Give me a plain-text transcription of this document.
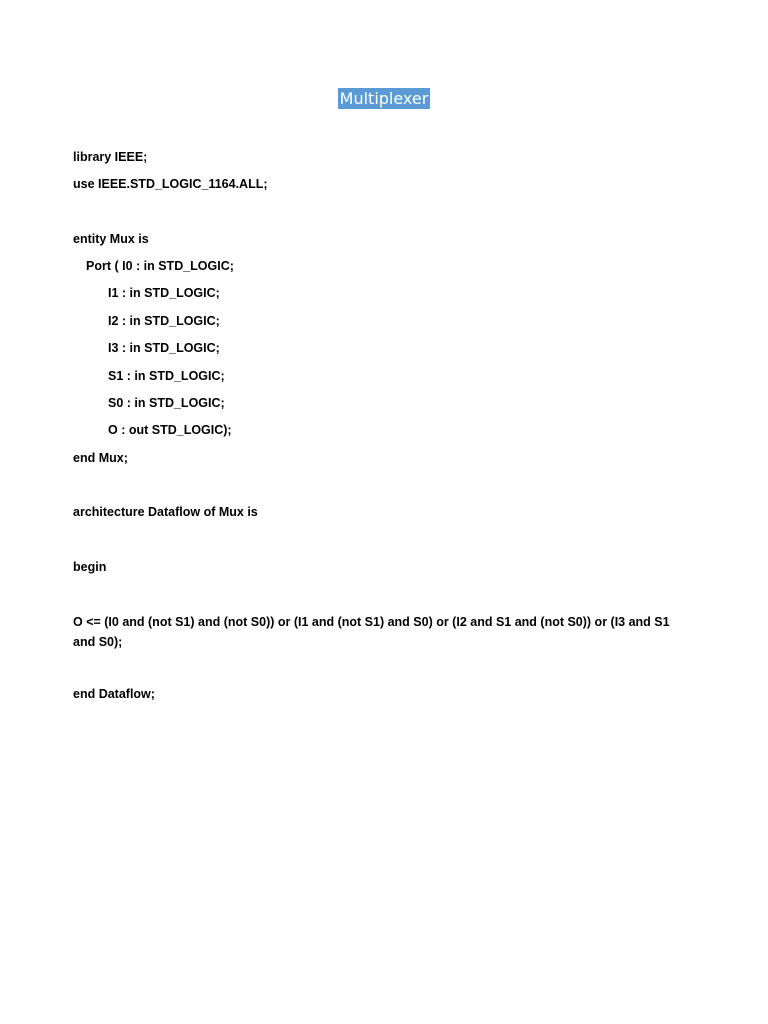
Multiplexer
library IEEE;
use IEEE.STD_LOGIC_1164.ALL;
entity Mux is
Port ( I0 : in STD_LOGIC;
I1 : in STD_LOGIC;
I2 : in STD_LOGIC;
I3 : in STD_LOGIC;
S1 : in STD_LOGIC;
S0 : in STD_LOGIC;
O : out STD_LOGIC);
end Mux;
architecture Dataflow of Mux is
begin
O <= (I0 and (not S1) and (not S0)) or (I1 and (not S1) and S0) or (I2 and S1 and (not S0)) or (I3 and S1 and S0);
end Dataflow;
